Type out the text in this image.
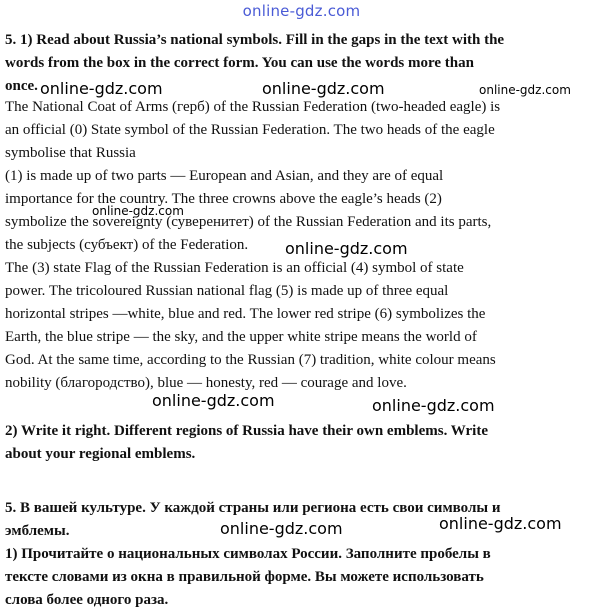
online-gdz.com
5. 1) Read about Russia’s national symbols. Fill in the gaps in the text with the
words from the box in the correct form. You can use the words more than
once.
The National Coat of Arms (герб) of the Russian Federation (two-headed eagle) is
an official (0) State symbol of the Russian Federation. The two heads of the eagle
symbolise that Russia
(1) is made up of two parts — European and Asian, and they are of equal
importance for the country. The three crowns above the eagle’s heads (2)
symbolize the sovereignty (суверенитет) of the Russian Federation and its parts,
the subjects (субъект) of the Federation.
The (3) state Flag of the Russian Federation is an official (4) symbol of state
power. The tricoloured Russian national flag (5) is made up of three equal
horizontal stripes —white, blue and red. The lower red stripe (6) symbolizes the
Earth, the blue stripe — the sky, and the upper white stripe means the world of
God. At the same time, according to the Russian (7) tradition, white colour means
nobility (благородство), blue — honesty, red — courage and love.
2) Write it right. Different regions of Russia have their own emblems. Write
about your regional emblems.
5. В вашей культуре. У каждой страны или региона есть свои символы и
эмблемы.
1) Прочитайте о национальных символах России. Заполните пробелы в
тексте словами из окна в правильной форме. Вы можете использовать
слова более одного раза.
online-gdz.com	online-gdz.com	online-gdz.com
online-gdz.com
online-gdz.com
online-gdz.com	online-gdz.com
online-gdz.com	online-gdz.com
